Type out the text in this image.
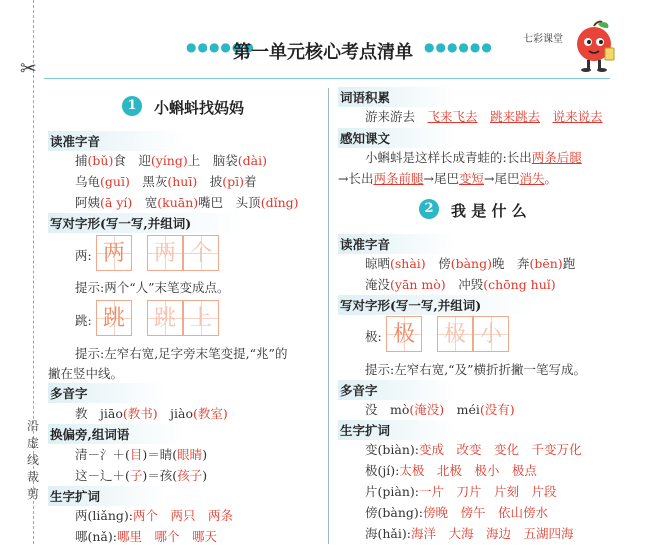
✂
沿虚线裁剪
●●●●●●
第一单元核心考点清单 ●●●●●●
七彩课堂
1	小蝌蚪找妈妈
读准字音
捕(bǔ)食　迎(yíng)上　脑袋(dài)
乌龟(guī)　黑灰(huī)　披(pī)着
阿姨(ā yí)　宽(kuān)嘴巴　头顶(dǐng)
写对字形(写一写,并组词)
两: 两	两 个
提示:两个“人”末笔变成点。
跳: 跳	跳 上
提示:左窄右宽,足字旁末笔变提,“兆”的
撇在竖中线。
多音字
教　jiāo(教书)　jiào(教室)
换偏旁,组词语
清－氵＋(目)＝睛(眼睛)
这－辶＋(子)＝孩(孩子)
生字扩词
两(liǎng):两个　两只　两条
哪(nǎ):哪里　哪个　哪天
词语积累
游来游去　 飞来飞去　 跳来跳去　 说来说去
感知课文
小蝌蚪是这样长成青蛙的:长出两条后腿
→长出两条前腿→尾巴变短→尾巴消失。
2	我 是 什 么
读准字音
晾晒(shài)　傍(bàng)晚　奔(bēn)跑
淹没(yān mò)　冲毁(chōng huǐ)
写对字形(写一写,并组词)
极: 极	极 小
提示:左窄右宽,“及”横折折撇一笔写成。
多音字
没　mò(淹没)　méi(没有)
生字扩词
变(biàn):变成　改变　变化　千变万化
极(jí):太极　北极　极小　极点
片(piàn):一片　刀片　片刻　片段
傍(bàng):傍晚　傍午　依山傍水
海(hǎi):海洋　大海　海边　五湖四海
